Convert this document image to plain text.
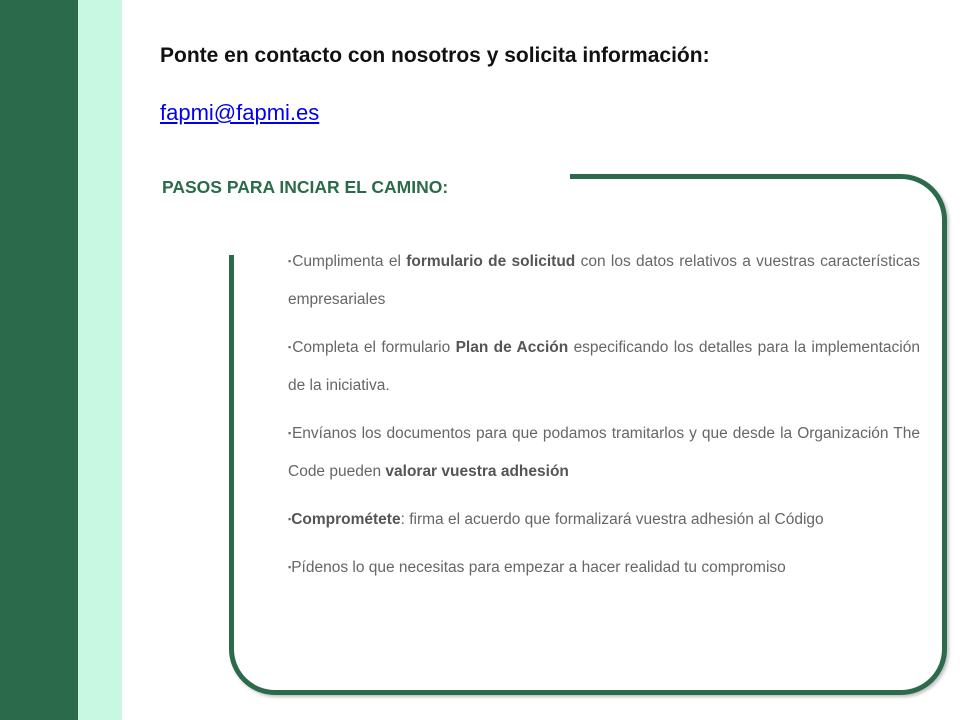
Ponte en contacto con nosotros y solicita información:
fapmi@fapmi.es
PASOS PARA INCIAR EL CAMINO:
▪Cumplimenta el formulario de solicitud con los datos relativos a vuestras características empresariales
▪Completa el formulario Plan de Acción especificando los detalles para la implementación de la iniciativa.
▪Envíanos los documentos para que podamos tramitarlos y que desde la Organización The Code pueden valorar vuestra adhesión
▪Comprométete: firma el acuerdo que formalizará vuestra adhesión al Código
▪Pídenos lo que necesitas para empezar a hacer realidad tu compromiso
